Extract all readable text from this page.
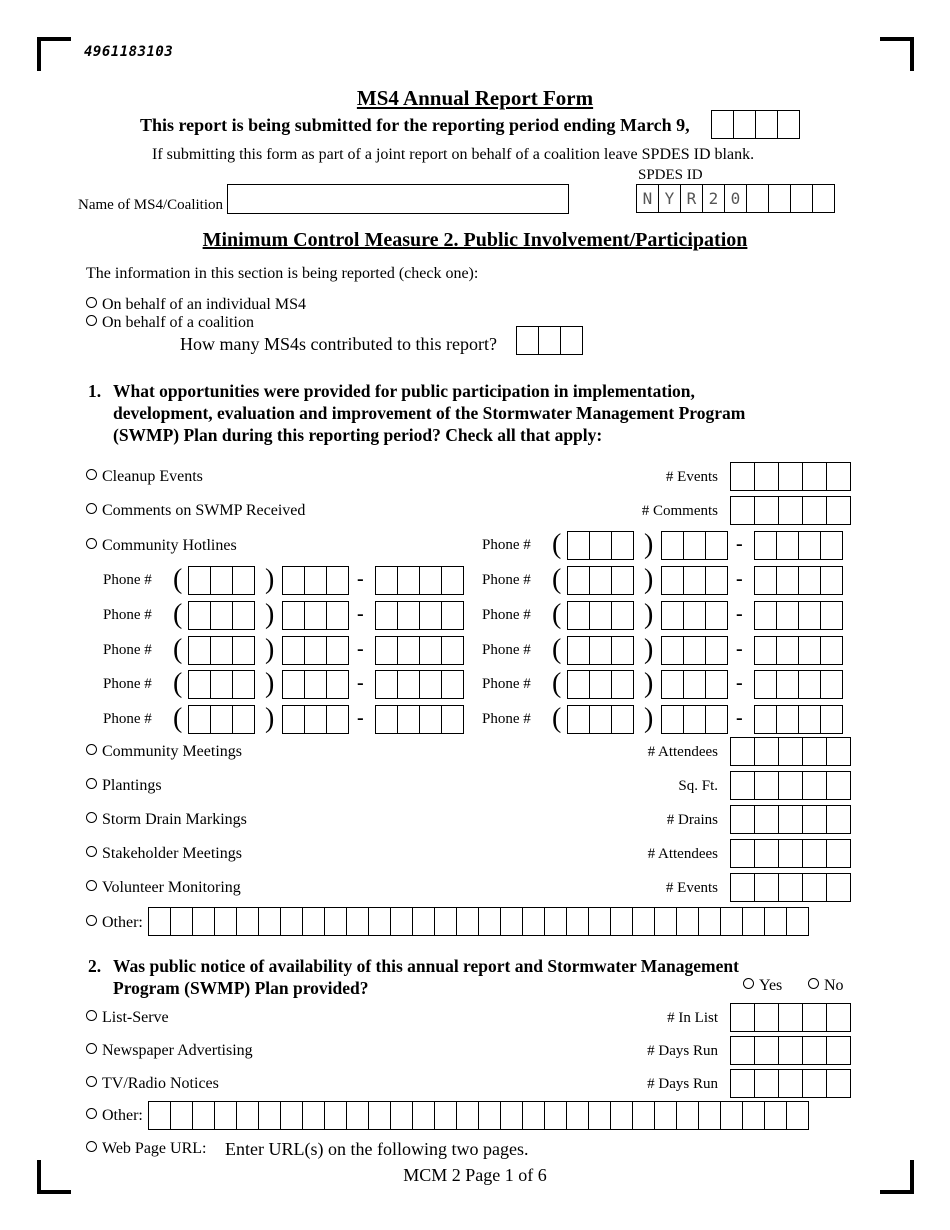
4961183103
MS4 Annual Report Form
This report is being submitted for the reporting period ending March 9,
If submitting this form as part of a joint report on behalf of a coalition leave SPDES ID blank.
SPDES ID
Name of MS4/Coalition	N Y R 2 0
Minimum Control Measure 2. Public Involvement/Participation
The information in this section is being reported (check one):
On behalf of an individual MS4
On behalf of a coalition
How many MS4s contributed to this report?
1. What opportunities were provided for public participation in implementation,
development, evaluation and improvement of the Stormwater Management Program
(SWMP) Plan during this reporting period? Check all that apply:
Cleanup Events	# Events
Comments on SWMP Received	# Comments
Community Hotlines	Phone # (	)	-
Phone # (	)	-	Phone # (	)	-
Phone # (	)	-	Phone # (	)	-
Phone # (	)	-	Phone # (	)	-
Phone # (	)	-	Phone # (	)	-
Phone # (	)	-	Phone # (	)	-
Community Meetings	# Attendees
Plantings	Sq. Ft.
Storm Drain Markings	# Drains
Stakeholder Meetings	# Attendees
Volunteer Monitoring	# Events
Other:
2. Was public notice of availability of this annual report and Stormwater Management
Program (SWMP) Plan provided?	Yes	No
List-Serve	# In List
Newspaper Advertising	# Days Run
TV/Radio Notices	# Days Run
Other:
Web Page URL: Enter URL(s) on the following two pages.
MCM 2 Page 1 of 6
